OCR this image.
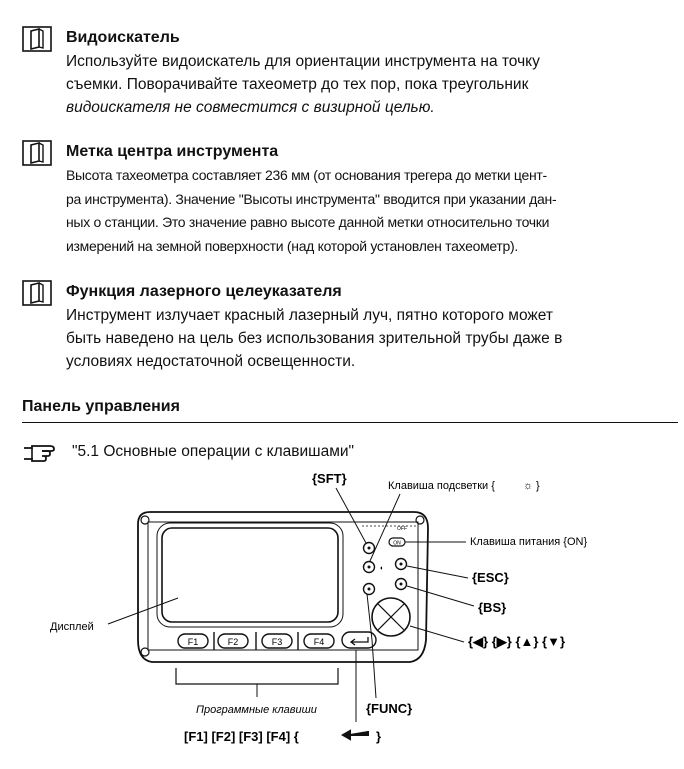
Видоискатель

Используйте видоискатель для ориентации инструмента на точку

съемки. Поворачивайте тахеометр до тех пор, пока треугольник

видоискателя не совместится с визирной целью.

Метка центра инструмента

Высота тахеометра составляет 236 мм (от основания трегера до метки цент-

ра инструмента). Значение "Высоты инструмента" вводится при указании дан-

ных о станции. Это значение равно высоте данной метки относительно точки

измерений на земной поверхности (над которой установлен тахеометр).

Функция лазерного целеуказателя

Инструмент излучает красный лазерный луч, пятно которого может

быть наведено на цель без использования зрительной трубы даже в

условиях недостаточной освещенности.

Панель управления
"5.1 Основные операции с клавишами"
F1	F2	F3	F4
◐
ON
OFF
{SFT}	Клавиша подсветки {	☼ }
Клавиша питания {ON}
{ESC}
{BS}
{◀} {▶} {▲} {▼}
Дисплей
Программные клавиши	{FUNC}
[F1] [F2] [F3] [F4] {	}
